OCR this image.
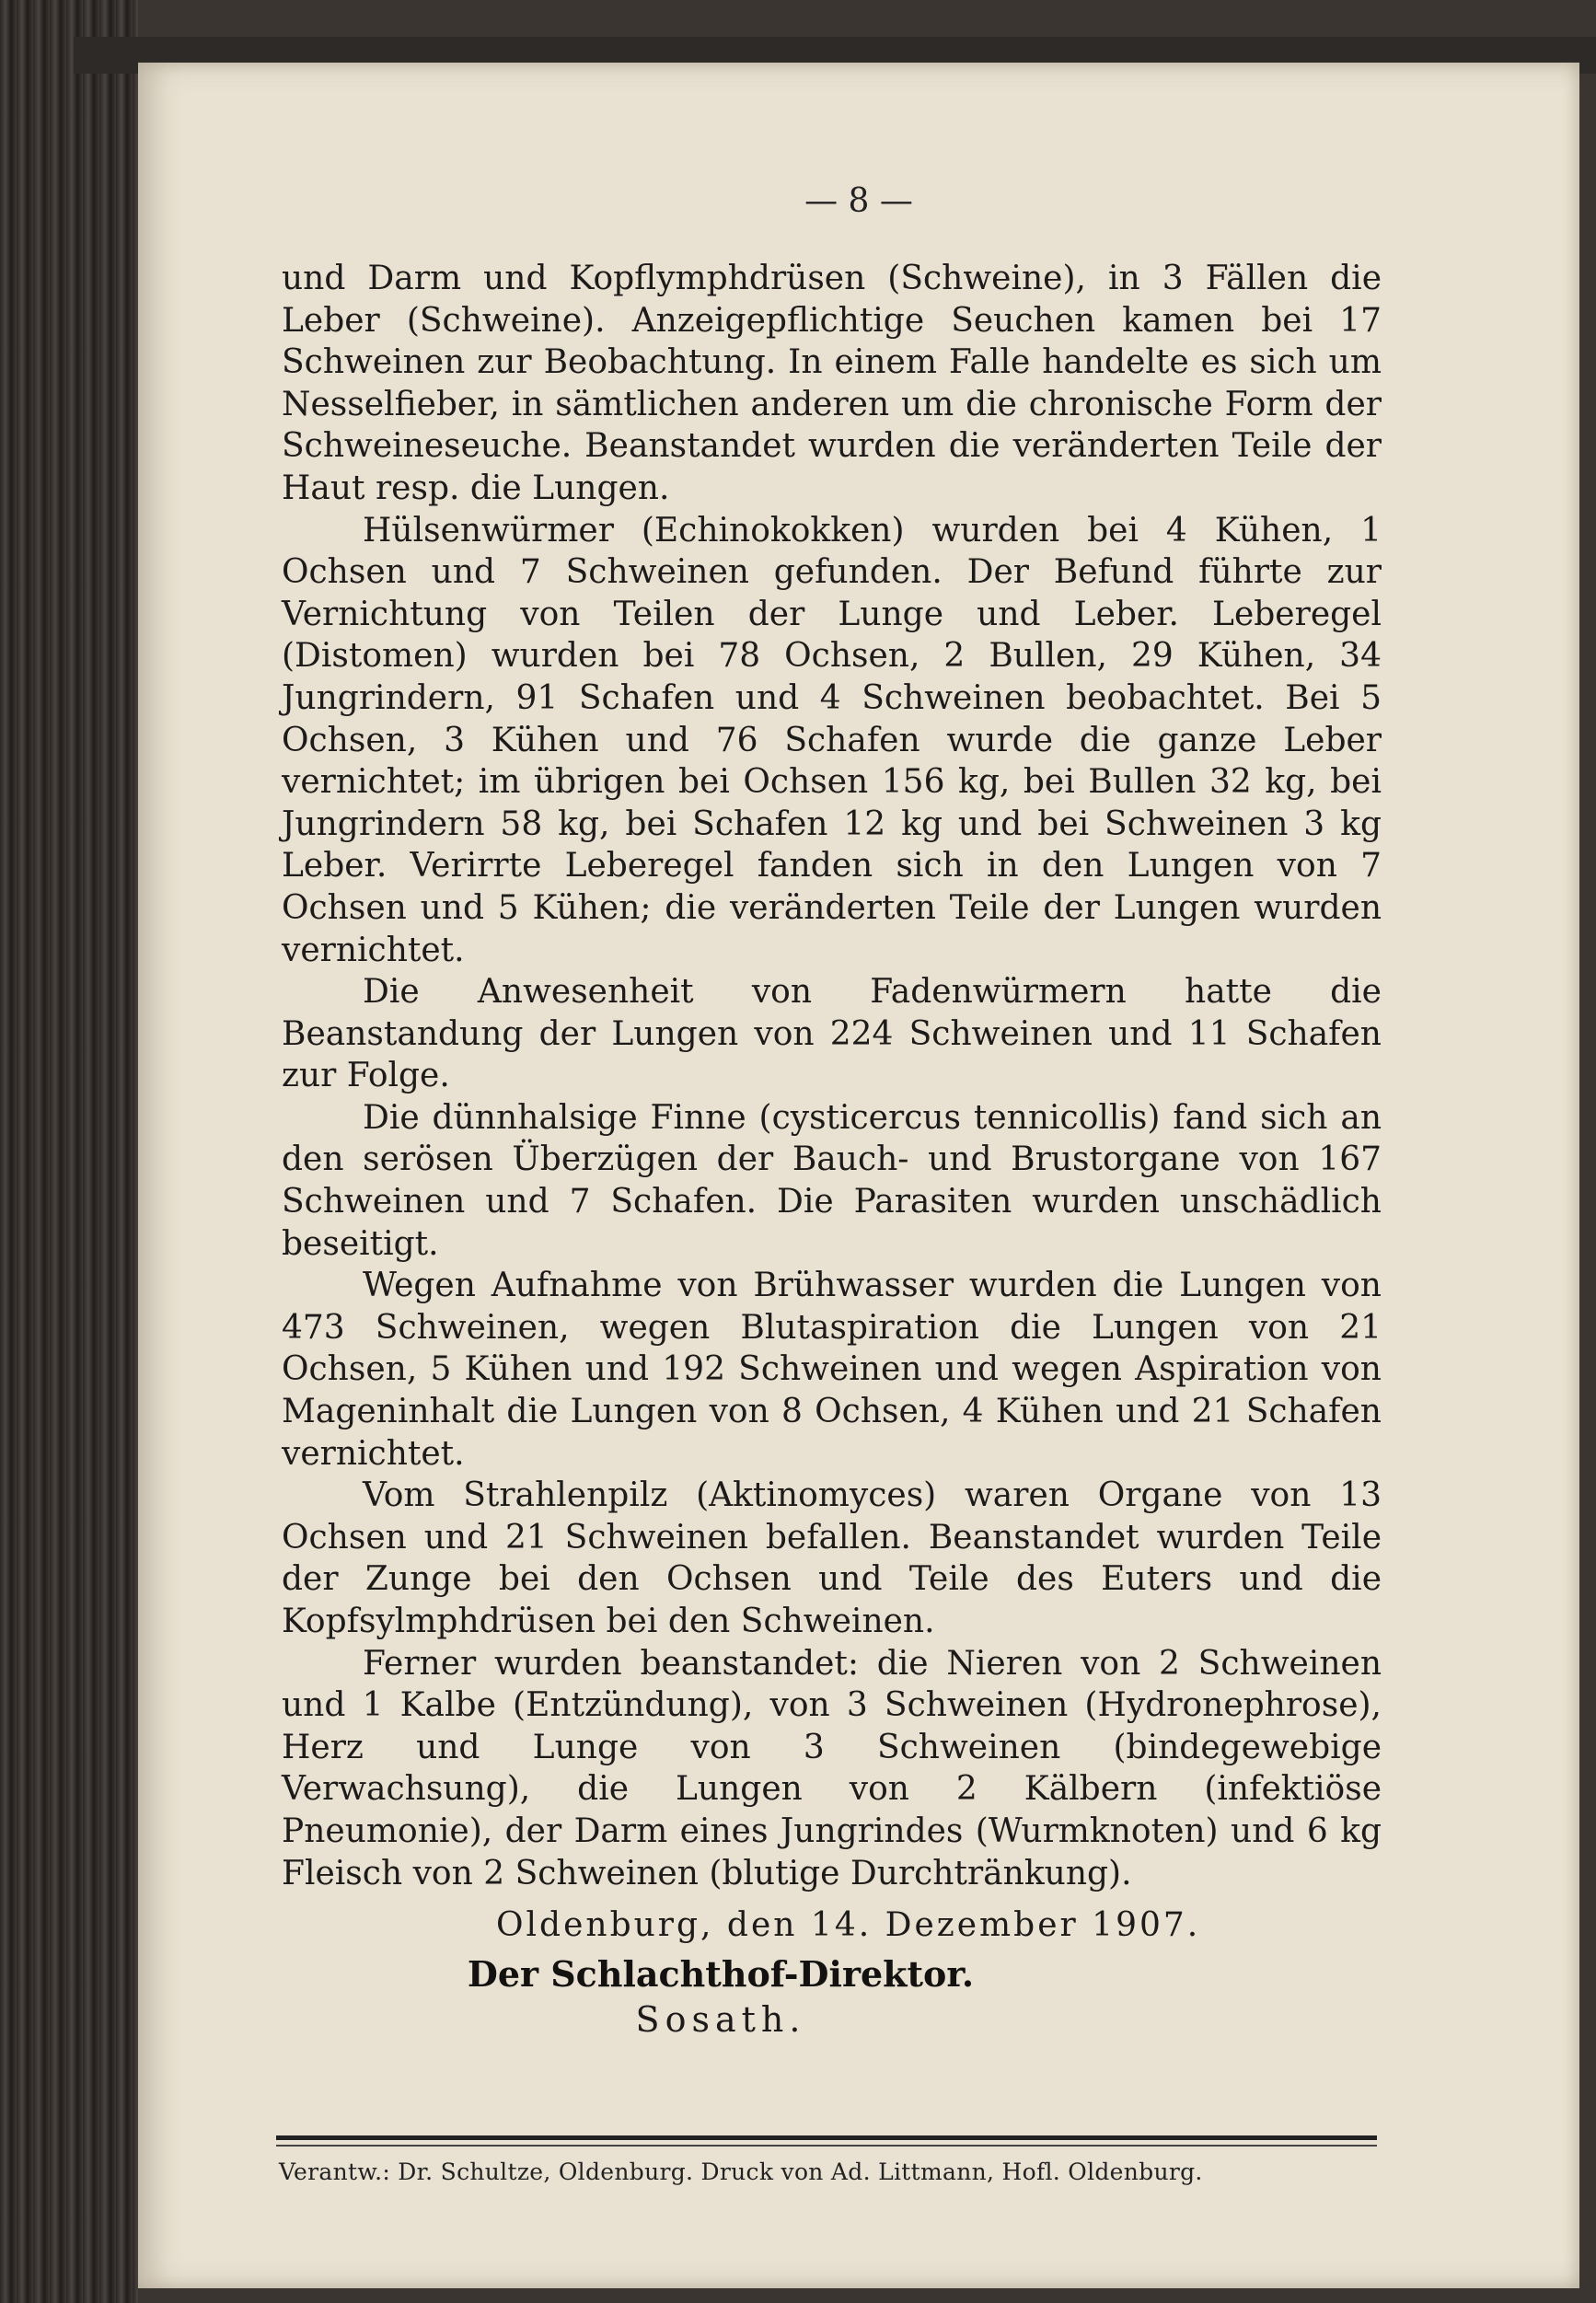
— 8 —

und Darm und Kopflymphdrüsen (Schweine), in 3 Fällen die Leber (Schweine). Anzeigepflichtige Seuchen kamen bei 17 Schweinen zur Beobachtung. In einem Falle handelte es sich um Nesselfieber, in sämtlichen anderen um die chronische Form der Schweineseuche. Beanstandet wurden die veränderten Teile der Haut resp. die Lungen.

Hülsenwürmer (Echinokokken) wurden bei 4 Kühen, 1 Ochsen und 7 Schweinen gefunden. Der Befund führte zur Vernichtung von Teilen der Lunge und Leber. Leberegel (Distomen) wurden bei 78 Ochsen, 2 Bullen, 29 Kühen, 34 Jungrindern, 91 Schafen und 4 Schweinen beobachtet. Bei 5 Ochsen, 3 Kühen und 76 Schafen wurde die ganze Leber vernichtet; im übrigen bei Ochsen 156 kg, bei Bullen 32 kg, bei Jungrindern 58 kg, bei Schafen 12 kg und bei Schweinen 3 kg Leber. Verirrte Leberegel fanden sich in den Lungen von 7 Ochsen und 5 Kühen; die veränderten Teile der Lungen wurden vernichtet.

Die Anwesenheit von Fadenwürmern hatte die Beanstandung der Lungen von 224 Schweinen und 11 Schafen zur Folge.

Die dünnhalsige Finne (cysticercus tennicollis) fand sich an den serösen Überzügen der Bauch- und Brustorgane von 167 Schweinen und 7 Schafen. Die Parasiten wurden unschädlich beseitigt.

Wegen Aufnahme von Brühwasser wurden die Lungen von 473 Schweinen, wegen Blutaspiration die Lungen von 21 Ochsen, 5 Kühen und 192 Schweinen und wegen Aspiration von Mageninhalt die Lungen von 8 Ochsen, 4 Kühen und 21 Schafen vernichtet.

Vom Strahlenpilz (Aktinomyces) waren Organe von 13 Ochsen und 21 Schweinen befallen. Beanstandet wurden Teile der Zunge bei den Ochsen und Teile des Euters und die Kopfsylmphdrüsen bei den Schweinen.

Ferner wurden beanstandet: die Nieren von 2 Schweinen und 1 Kalbe (Entzündung), von 3 Schweinen (Hydronephrose), Herz und Lunge von 3 Schweinen (bindegewebige Verwachsung), die Lungen von 2 Kälbern (infektiöse Pneumonie), der Darm eines Jungrindes (Wurmknoten) und 6 kg Fleisch von 2 Schweinen (blutige Durchtränkung).

Oldenburg, den 14. Dezember 1907.
Der Schlachthof-Direktor.
Sosath.
Verantw.: Dr. Schultze, Oldenburg. Druck von Ad. Littmann, Hofl. Oldenburg.
